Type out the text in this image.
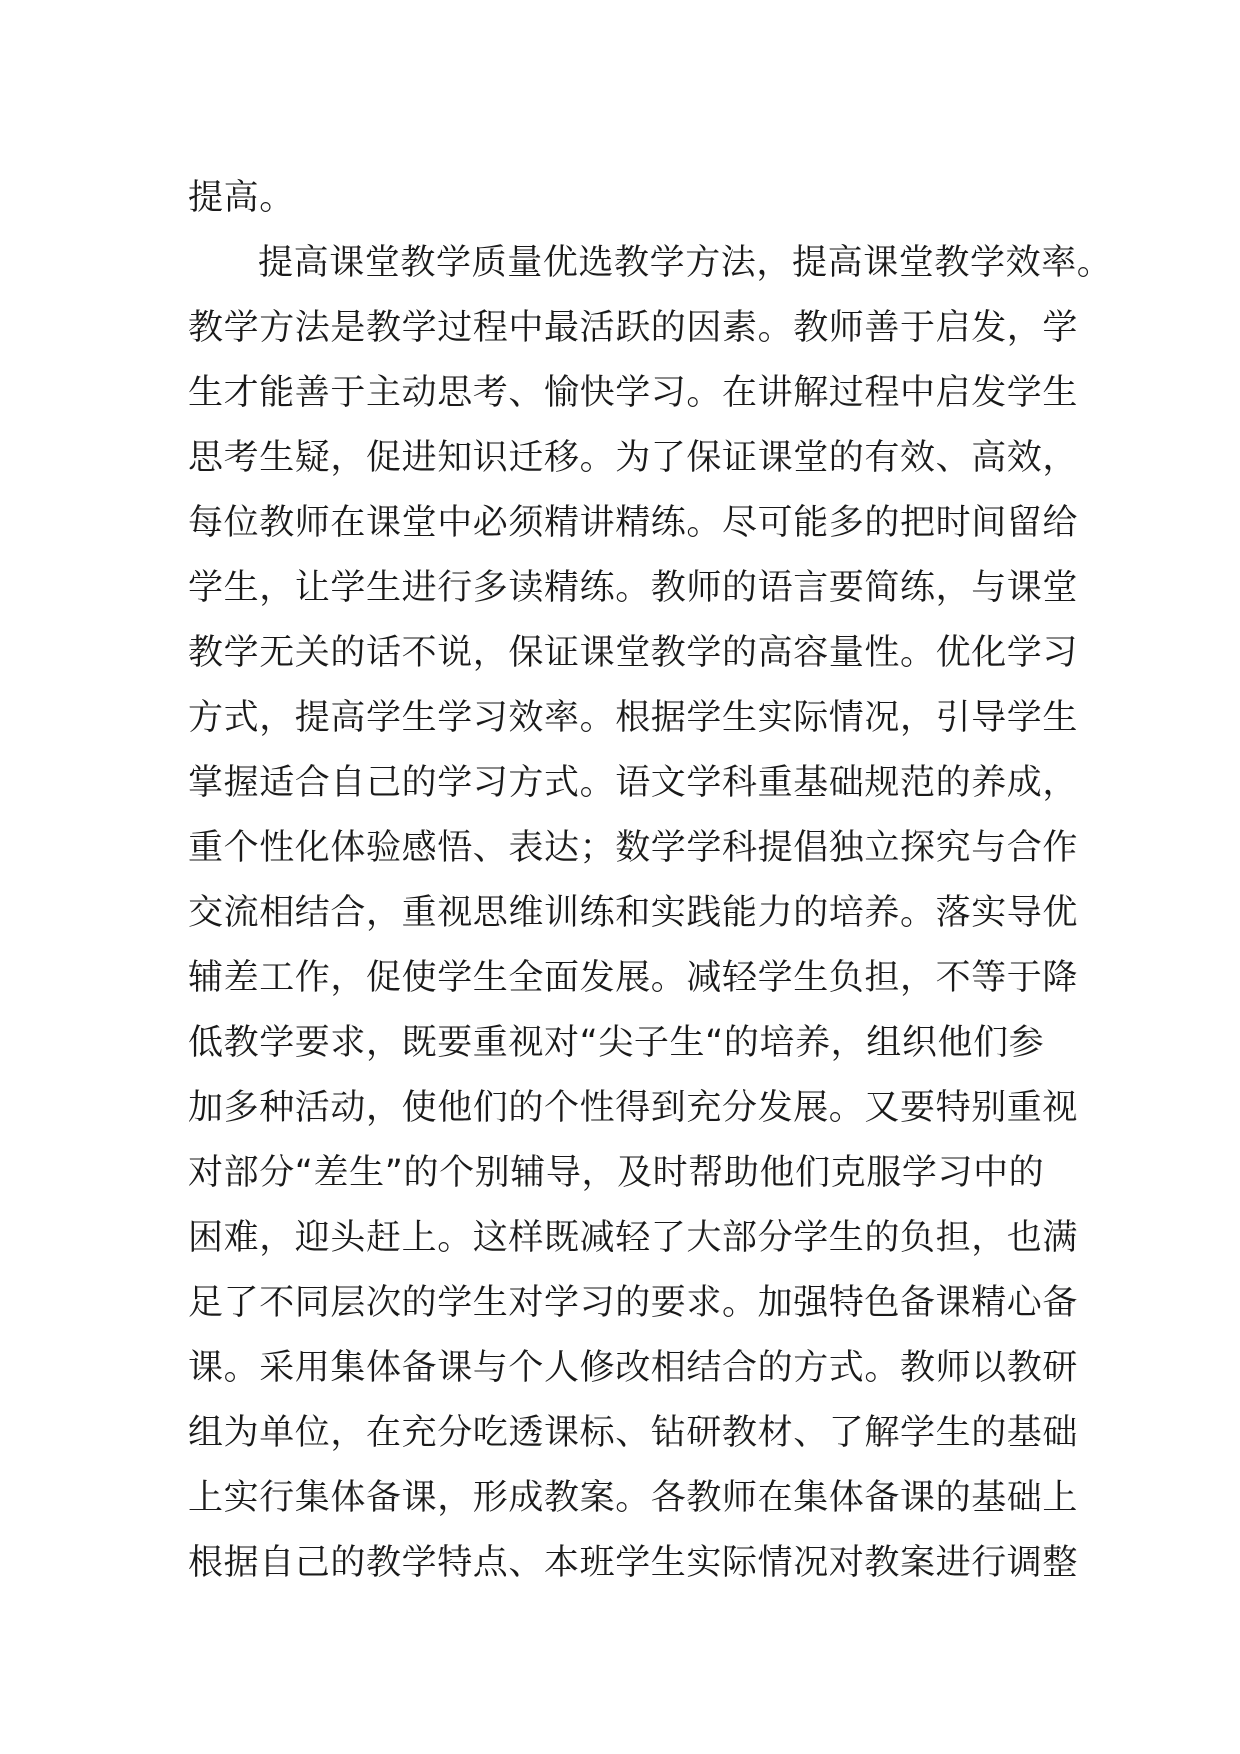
提高。
提高课堂教学质量优选教学方法，提高课堂教学效率。
教学方法是教学过程中最活跃的因素。教师善于启发，学
生才能善于主动思考、愉快学习。在讲解过程中启发学生
思考生疑，促进知识迁移。为了保证课堂的有效、高效，
每位教师在课堂中必须精讲精练。尽可能多的把时间留给
学生，让学生进行多读精练。教师的语言要简练，与课堂
教学无关的话不说，保证课堂教学的高容量性。优化学习
方式，提高学生学习效率。根据学生实际情况，引导学生
掌握适合自己的学习方式。语文学科重基础规范的养成，
重个性化体验感悟、表达；数学学科提倡独立探究与合作
交流相结合，重视思维训练和实践能力的培养。落实导优
辅差工作，促使学生全面发展。减轻学生负担，不等于降
低教学要求，既要重视对“尖子生“的培养，组织他们参
加多种活动，使他们的个性得到充分发展。又要特别重视
对部分“差生”的个别辅导，及时帮助他们克服学习中的
困难，迎头赶上。这样既减轻了大部分学生的负担，也满
足了不同层次的学生对学习的要求。加强特色备课精心备
课。采用集体备课与个人修改相结合的方式。教师以教研
组为单位，在充分吃透课标、钻研教材、了解学生的基础
上实行集体备课，形成教案。各教师在集体备课的基础上
根据自己的教学特点、本班学生实际情况对教案进行调整
